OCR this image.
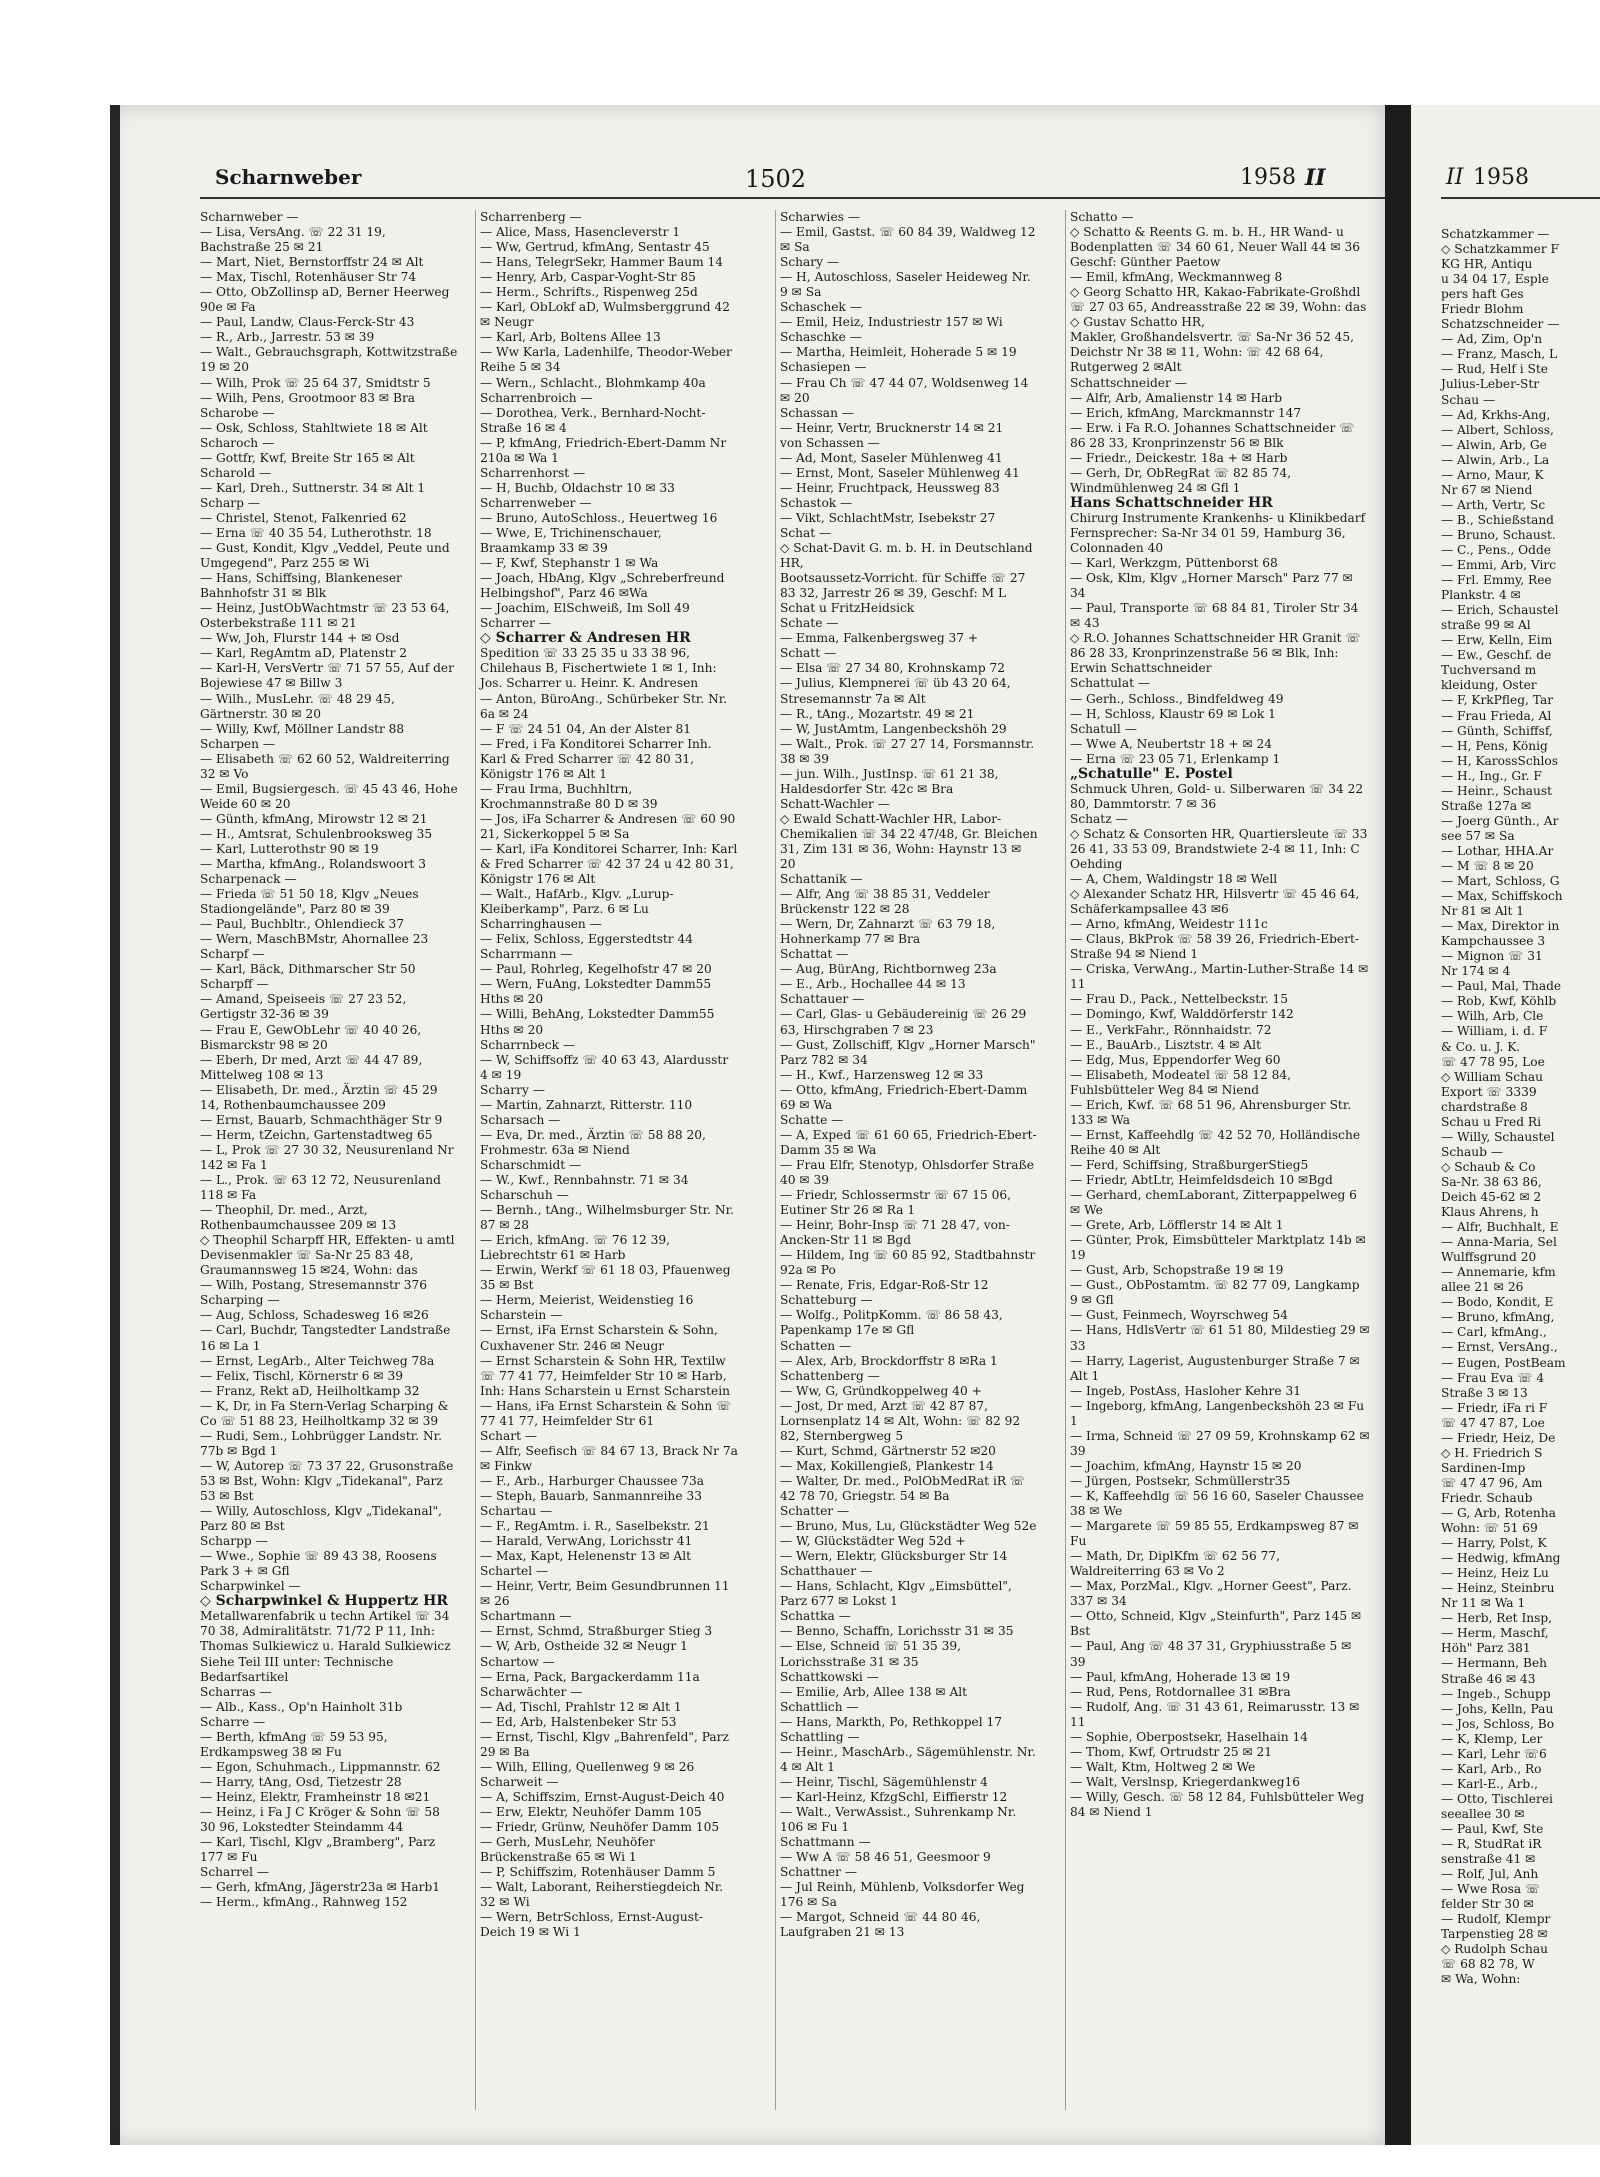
II 1958

Schatzkammer —

◇ Schatzkammer F

KG HR, Antiqu

u 34 04 17, Esple

pers haft Ges

Friedr Blohm

Schatzschneider —

— Ad, Zim, Op'n

— Franz, Masch, L

— Rud, Helf i Ste

Julius-Leber-Str

Schau —

— Ad, Krkhs-Ang,

— Albert, Schloss,

— Alwin, Arb, Ge

— Alwin, Arb., La

— Arno, Maur, K

Nr 67 ✉ Niend

— Arth, Vertr, Sc

— B., Schießstand

— Bruno, Schaust.

— C., Pens., Odde

— Emmi, Arb, Virc

— Frl. Emmy, Ree

Plankstr. 4 ✉

— Erich, Schaustel

straße 99 ✉ Al

— Erw, Kelln, Eim

— Ew., Geschf. de

Tuchversand m

kleidung, Oster

— F, KrkPfleg, Tar

— Frau Frieda, Al

— Günth, Schiffsf,

— H, Pens, König

— H, KarossSchlos

— H., Ing., Gr. F

— Heinr., Schaust

Straße 127a ✉

— Joerg Günth., Ar

see 57 ✉ Sa

— Lothar, HHA.Ar

— M ☏ 8 ✉ 20

— Mart, Schloss, G

— Max, Schiffskoch

Nr 81 ✉ Alt 1

— Max, Direktor in

Kampchaussee 3

— Mignon ☏ 31

Nr 174 ✉ 4

— Paul, Mal, Thade

— Rob, Kwf, Köhlb

— Wilh, Arb, Cle

— William, i. d. F

& Co. u. J. K.

☏ 47 78 95, Loe

◇ William Schau

Export ☏ 3339

chardstraße 8

Schau u Fred Ri

— Willy, Schaustel

Schaub —

◇ Schaub & Co

Sa-Nr. 38 63 86,

Deich 45-62 ✉ 2

Klaus Ahrens, h

— Alfr, Buchhalt, E

— Anna-Maria, Sel

Wulffsgrund 20

— Annemarie, kfm

allee 21 ✉ 26

— Bodo, Kondit, E

— Bruno, kfmAng,

— Carl, kfmAng.,

— Ernst, VersAng.,

— Eugen, PostBeam

— Frau Eva ☏ 4

Straße 3 ✉ 13

— Friedr, iFa ri F

☏ 47 47 87, Loe

— Friedr, Heiz, De

◇ H. Friedrich S

Sardinen-Imp

☏ 47 47 96, Am

Friedr. Schaub

— G, Arb, Rotenha

Wohn: ☏ 51 69

— Harry, Polst, K

— Hedwig, kfmAng

— Heinz, Heiz Lu

— Heinz, Steinbru

Nr 11 ✉ Wa 1

— Herb, Ret Insp,

— Herm, Maschf,

Höh" Parz 381

— Hermann, Beh

Straße 46 ✉ 43

— Ingeb., Schupp

— Johs, Kelln, Pau

— Jos, Schloss, Bo

— K, Klemp, Ler

— Karl, Lehr ☏6

— Karl, Arb., Ro

— Karl-E., Arb.,

— Otto, Tischlerei

seeallee 30 ✉

— Paul, Kwf, Ste

— R, StudRat iR

senstraße 41 ✉

— Rolf, Jul, Anh

— Wwe Rosa ☏

felder Str 30 ✉

— Rudolf, Klempr

Tarpenstieg 28 ✉

◇ Rudolph Schau

☏ 68 82 78, W

✉ Wa, Wohn:

Scharnweber	1502	1958 II

Scharnweber —

— Lisa, VersAng. ☏ 22 31 19, Bachstraße 25 ✉ 21

— Mart, Niet, Bernstorffstr 24 ✉ Alt

— Max, Tischl, Rotenhäuser Str 74

— Otto, ObZollinsp aD, Berner Heerweg 90e ✉ Fa

— Paul, Landw, Claus-Ferck-Str 43

— R., Arb., Jarrestr. 53 ✉ 39

— Walt., Gebrauchsgraph, Kottwitzstraße 19 ✉ 20

— Wilh, Prok ☏ 25 64 37, Smidtstr 5

— Wilh, Pens, Grootmoor 83 ✉ Bra

Scharobe —

— Osk, Schloss, Stahltwiete 18 ✉ Alt

Scharoch —

— Gottfr, Kwf, Breite Str 165 ✉ Alt

Scharold —

— Karl, Dreh., Suttnerstr. 34 ✉ Alt 1

Scharp —

— Christel, Stenot, Falkenried 62

— Erna ☏ 40 35 54, Lutherothstr. 18

— Gust, Kondit, Klgv „Veddel, Peute und Umgegend", Parz 255 ✉ Wi

— Hans, Schiffsing, Blankeneser Bahnhofstr 31 ✉ Blk

— Heinz, JustObWachtmstr ☏ 23 53 64, Osterbekstraße 111 ✉ 21

— Ww, Joh, Flurstr 144 + ✉ Osd

— Karl, RegAmtm aD, Platenstr 2

— Karl-H, VersVertr ☏ 71 57 55, Auf der Bojewiese 47 ✉ Billw 3

— Wilh., MusLehr. ☏ 48 29 45, Gärtnerstr. 30 ✉ 20

— Willy, Kwf, Möllner Landstr 88

Scharpen —

— Elisabeth ☏ 62 60 52, Waldreiterring 32 ✉ Vo

— Emil, Bugsiergesch. ☏ 45 43 46, Hohe Weide 60 ✉ 20

— Günth, kfmAng, Mirowstr 12 ✉ 21

— H., Amtsrat, Schulenbrooksweg 35

— Karl, Lutterothstr 90 ✉ 19

— Martha, kfmAng., Rolandswoort 3

Scharpenack —

— Frieda ☏ 51 50 18, Klgv „Neues Stadiongelände", Parz 80 ✉ 39

— Paul, Buchbltr., Ohlendieck 37

— Wern, MaschBMstr, Ahornallee 23

Scharpf —

— Karl, Bäck, Dithmarscher Str 50

Scharpff —

— Amand, Speiseeis ☏ 27 23 52, Gertigstr 32-36 ✉ 39

— Frau E, GewObLehr ☏ 40 40 26, Bismarckstr 98 ✉ 20

— Eberh, Dr med, Arzt ☏ 44 47 89, Mittelweg 108 ✉ 13

— Elisabeth, Dr. med., Ärztin ☏ 45 29 14, Rothenbaumchaussee 209

— Ernst, Bauarb, Schmachthäger Str 9

— Herm, tZeichn, Gartenstadtweg 65

— L, Prok ☏ 27 30 32, Neusurenland Nr 142 ✉ Fa 1

— L., Prok. ☏ 63 12 72, Neusurenland 118 ✉ Fa

— Theophil, Dr. med., Arzt, Rothenbaumchaussee 209 ✉ 13

◇ Theophil Scharpff HR, Effekten- u amtl Devisenmakler ☏ Sa-Nr 25 83 48, Graumannsweg 15 ✉24, Wohn: das

— Wilh, Postang, Stresemannstr 376

Scharping —

— Aug, Schloss, Schadesweg 16 ✉26

— Carl, Buchdr, Tangstedter Landstraße 16 ✉ La 1

— Ernst, LegArb., Alter Teichweg 78a

— Felix, Tischl, Körnerstr 6 ✉ 39

— Franz, Rekt aD, Heilholtkamp 32

— K, Dr, in Fa Stern-Verlag Scharping & Co ☏ 51 88 23, Heilholtkamp 32 ✉ 39

— Rudi, Sem., Lohbrügger Landstr. Nr. 77b ✉ Bgd 1

— W, Autorep ☏ 73 37 22, Grusonstraße 53 ✉ Bst, Wohn: Klgv „Tidekanal", Parz 53 ✉ Bst

— Willy, Autoschloss, Klgv „Tidekanal", Parz 80 ✉ Bst

Scharpp —

— Wwe., Sophie ☏ 89 43 38, Roosens Park 3 + ✉ Gfl

Scharpwinkel —

◇ Scharpwinkel & Huppertz HR

Metallwarenfabrik u techn Artikel ☏ 34 70 38, Admiralitätstr. 71/72 P 11, Inh: Thomas Sulkiewicz u. Harald Sulkiewicz

Siehe Teil III unter: Technische Bedarfsartikel

Scharras —

— Alb., Kass., Op'n Hainholt 31b

Scharre —

— Berth, kfmAng ☏ 59 53 95, Erdkampsweg 38 ✉ Fu

— Egon, Schuhmach., Lippmannstr. 62

— Harry, tAng, Osd, Tietzestr 28

— Heinz, Elektr, Framheinstr 18 ✉21

— Heinz, i Fa J C Kröger & Sohn ☏ 58 30 96, Lokstedter Steindamm 44

— Karl, Tischl, Klgv „Bramberg", Parz 177 ✉ Fu

Scharrel —

— Gerh, kfmAng, Jägerstr23a ✉ Harb1

— Herm., kfmAng., Rahnweg 152

Scharrenberg —

— Alice, Mass, Hasencleverstr 1

— Ww, Gertrud, kfmAng, Sentastr 45

— Hans, TelegrSekr, Hammer Baum 14

— Henry, Arb, Caspar-Voght-Str 85

— Herm., Schrifts., Rispenweg 25d

— Karl, ObLokf aD, Wulmsberggrund 42 ✉ Neugr

— Karl, Arb, Boltens Allee 13

— Ww Karla, Ladenhilfe, Theodor-Weber Reihe 5 ✉ 34

— Wern., Schlacht., Blohmkamp 40a

Scharrenbroich —

— Dorothea, Verk., Bernhard-Nocht-Straße 16 ✉ 4

— P, kfmAng, Friedrich-Ebert-Damm Nr 210a ✉ Wa 1

Scharrenhorst —

— H, Buchb, Oldachstr 10 ✉ 33

Scharrenweber —

— Bruno, AutoSchloss., Heuertweg 16

— Wwe, E, Trichinenschauer, Braamkamp 33 ✉ 39

— F, Kwf, Stephanstr 1 ✉ Wa

— Joach, HbAng, Klgv „Schreberfreund Helbingshof", Parz 46 ✉Wa

— Joachim, ElSchweiß, Im Soll 49

Scharrer —

◇ Scharrer & Andresen HR

Spedition ☏ 33 25 35 u 33 38 96, Chilehaus B, Fischertwiete 1 ✉ 1, Inh: Jos. Scharrer u. Heinr. K. Andresen

— Anton, BüroAng., Schürbeker Str. Nr. 6a ✉ 24

— F ☏ 24 51 04, An der Alster 81

— Fred, i Fa Konditorei Scharrer Inh. Karl & Fred Scharrer ☏ 42 80 31, Königstr 176 ✉ Alt 1

— Frau Irma, Buchhltrn, Krochmannstraße 80 D ✉ 39

— Jos, iFa Scharrer & Andresen ☏ 60 90 21, Sickerkoppel 5 ✉ Sa

— Karl, iFa Konditorei Scharrer, Inh: Karl & Fred Scharrer ☏ 42 37 24 u 42 80 31, Königstr 176 ✉ Alt

— Walt., HafArb., Klgv. „Lurup-Kleiberkamp", Parz. 6 ✉ Lu

Scharringhausen —

— Felix, Schloss, Eggerstedtstr 44

Scharrmann —

— Paul, Rohrleg, Kegelhofstr 47 ✉ 20

— Wern, FuAng, Lokstedter Damm55 Hths ✉ 20

— Willi, BehAng, Lokstedter Damm55 Hths ✉ 20

Scharrnbeck —

— W, Schiffsoffz ☏ 40 63 43, Alardusstr 4 ✉ 19

Scharry —

— Martin, Zahnarzt, Ritterstr. 110

Scharsach —

— Eva, Dr. med., Ärztin ☏ 58 88 20, Frohmestr. 63a ✉ Niend

Scharschmidt —

— W., Kwf., Rennbahnstr. 71 ✉ 34

Scharschuh —

— Bernh., tAng., Wilhelmsburger Str. Nr. 87 ✉ 28

— Erich, kfmAng. ☏ 76 12 39, Liebrechtstr 61 ✉ Harb

— Erwin, Werkf ☏ 61 18 03, Pfauenweg 35 ✉ Bst

— Herm, Meierist, Weidenstieg 16

Scharstein —

— Ernst, iFa Ernst Scharstein & Sohn, Cuxhavener Str. 246 ✉ Neugr

— Ernst Scharstein & Sohn HR, Textilw ☏ 77 41 77, Heimfelder Str 10 ✉ Harb, Inh: Hans Scharstein u Ernst Scharstein

— Hans, iFa Ernst Scharstein & Sohn ☏ 77 41 77, Heimfelder Str 61

Schart —

— Alfr, Seefisch ☏ 84 67 13, Brack Nr 7a ✉ Finkw

— F., Arb., Harburger Chaussee 73a

— Steph, Bauarb, Sanmannreihe 33

Schartau —

— F., RegAmtm. i. R., Saselbekstr. 21

— Harald, VerwAng, Lorichsstr 41

— Max, Kapt, Helenenstr 13 ✉ Alt

Schartel —

— Heinr, Vertr, Beim Gesundbrunnen 11 ✉ 26

Schartmann —

— Ernst, Schmd, Straßburger Stieg 3

— W, Arb, Ostheide 32 ✉ Neugr 1

Schartow —

— Erna, Pack, Bargackerdamm 11a

Scharwächter —

— Ad, Tischl, Prahlstr 12 ✉ Alt 1

— Ed, Arb, Halstenbeker Str 53

— Ernst, Tischl, Klgv „Bahrenfeld", Parz 29 ✉ Ba

— Wilh, Elling, Quellenweg 9 ✉ 26

Scharweit —

— A, Schiffszim, Ernst-August-Deich 40

— Erw, Elektr, Neuhöfer Damm 105

— Friedr, Grünw, Neuhöfer Damm 105

— Gerh, MusLehr, Neuhöfer Brückenstraße 65 ✉ Wi 1

— P, Schiffszim, Rotenhäuser Damm 5

— Walt, Laborant, Reiherstiegdeich Nr. 32 ✉ Wi

— Wern, BetrSchloss, Ernst-August-Deich 19 ✉ Wi 1

Scharwies —

— Emil, Gastst. ☏ 60 84 39, Waldweg 12 ✉ Sa

Schary —

— H, Autoschloss, Saseler Heideweg Nr. 9 ✉ Sa

Schaschek —

— Emil, Heiz, Industriestr 157 ✉ Wi

Schaschke —

— Martha, Heimleit, Hoherade 5 ✉ 19

Schasiepen —

— Frau Ch ☏ 47 44 07, Woldsenweg 14 ✉ 20

Schassan —

— Heinr, Vertr, Brucknerstr 14 ✉ 21

von Schassen —

— Ad, Mont, Saseler Mühlenweg 41

— Ernst, Mont, Saseler Mühlenweg 41

— Heinr, Fruchtpack, Heussweg 83

Schastok —

— Vikt, SchlachtMstr, Isebekstr 27

Schat —

◇ Schat-Davit G. m. b. H. in Deutschland HR,

Bootsaussetz-Vorricht. für Schiffe ☏ 27 83 32, Jarrestr 26 ✉ 39, Geschf: M L Schat u FritzHeidsick

Schate —

— Emma, Falkenbergsweg 37 +

Schatt —

— Elsa ☏ 27 34 80, Krohnskamp 72

— Julius, Klempnerei ☏ üb 43 20 64, Stresemannstr 7a ✉ Alt

— R., tAng., Mozartstr. 49 ✉ 21

— W, JustAmtm, Langenbeckshöh 29

— Walt., Prok. ☏ 27 27 14, Forsmannstr. 38 ✉ 39

— jun. Wilh., JustInsp. ☏ 61 21 38, Haldesdorfer Str. 42c ✉ Bra

Schatt-Wachler —

◇ Ewald Schatt-Wachler HR, Labor-Chemikalien ☏ 34 22 47/48, Gr. Bleichen 31, Zim 131 ✉ 36, Wohn: Haynstr 13 ✉ 20

Schattanik —

— Alfr, Ang ☏ 38 85 31, Veddeler Brückenstr 122 ✉ 28

— Wern, Dr, Zahnarzt ☏ 63 79 18, Hohnerkamp 77 ✉ Bra

Schattat —

— Aug, BürAng, Richtbornweg 23a

— E., Arb., Hochallee 44 ✉ 13

Schattauer —

— Carl, Glas- u Gebäudereinig ☏ 26 29 63, Hirschgraben 7 ✉ 23

— Gust, Zollschiff, Klgv „Horner Marsch" Parz 782 ✉ 34

— H., Kwf., Harzensweg 12 ✉ 33

— Otto, kfmAng, Friedrich-Ebert-Damm 69 ✉ Wa

Schatte —

— A, Exped ☏ 61 60 65, Friedrich-Ebert-Damm 35 ✉ Wa

— Frau Elfr, Stenotyp, Ohlsdorfer Straße 40 ✉ 39

— Friedr, Schlossermstr ☏ 67 15 06, Eutiner Str 26 ✉ Ra 1

— Heinr, Bohr-Insp ☏ 71 28 47, von-Ancken-Str 11 ✉ Bgd

— Hildem, Ing ☏ 60 85 92, Stadtbahnstr 92a ✉ Po

— Renate, Fris, Edgar-Roß-Str 12

Schatteburg —

— Wolfg., PolitpKomm. ☏ 86 58 43, Papenkamp 17e ✉ Gfl

Schatten —

— Alex, Arb, Brockdorffstr 8 ✉Ra 1

Schattenberg —

— Ww, G, Gründkoppelweg 40 +

— Jost, Dr med, Arzt ☏ 42 87 87, Lornsenplatz 14 ✉ Alt, Wohn: ☏ 82 92 82, Sternbergweg 5

— Kurt, Schmd, Gärtnerstr 52 ✉20

— Max, Kokillengieß, Plankestr 14

— Walter, Dr. med., PolObMedRat iR ☏ 42 78 70, Griegstr. 54 ✉ Ba

Schatter —

— Bruno, Mus, Lu, Glückstädter Weg 52e

— W, Glückstädter Weg 52d +

— Wern, Elektr, Glücksburger Str 14

Schatthauer —

— Hans, Schlacht, Klgv „Eimsbüttel", Parz 677 ✉ Lokst 1

Schattka —

— Benno, Schaffn, Lorichsstr 31 ✉ 35

— Else, Schneid ☏ 51 35 39, Lorichsstraße 31 ✉ 35

Schattkowski —

— Emilie, Arb, Allee 138 ✉ Alt

Schattlich —

— Hans, Markth, Po, Rethkoppel 17

Schattling —

— Heinr., MaschArb., Sägemühlenstr. Nr. 4 ✉ Alt 1

— Heinr, Tischl, Sägemühlenstr 4

— Karl-Heinz, KfzgSchl, Eiffierstr 12

— Walt., VerwAssist., Suhrenkamp Nr. 106 ✉ Fu 1

Schattmann —

— Ww A ☏ 58 46 51, Geesmoor 9

Schattner —

— Jul Reinh, Mühlenb, Volksdorfer Weg 176 ✉ Sa

— Margot, Schneid ☏ 44 80 46, Laufgraben 21 ✉ 13

Schatto —

◇ Schatto & Reents G. m. b. H., HR Wand- u Bodenplatten ☏ 34 60 61, Neuer Wall 44 ✉ 36 Geschf: Günther Paetow

— Emil, kfmAng, Weckmannweg 8

◇ Georg Schatto HR, Kakao-Fabrikate-Großhdl ☏ 27 03 65, Andreasstraße 22 ✉ 39, Wohn: das

◇ Gustav Schatto HR,

Makler, Großhandelsvertr. ☏ Sa-Nr 36 52 45, Deichstr Nr 38 ✉ 11, Wohn: ☏ 42 68 64, Rutgerweg 2 ✉Alt

Schattschneider —

— Alfr, Arb, Amalienstr 14 ✉ Harb

— Erich, kfmAng, Marckmannstr 147

— Erw. i Fa R.O. Johannes Schattschneider ☏ 86 28 33, Kronprinzenstr 56 ✉ Blk

— Friedr., Deickestr. 18a + ✉ Harb

— Gerh, Dr, ObRegRat ☏ 82 85 74, Windmühlenweg 24 ✉ Gfl 1

Hans Schattschneider HR

Chirurg Instrumente Krankenhs- u Klinikbedarf Fernsprecher: Sa-Nr 34 01 59, Hamburg 36, Colonnaden 40

— Karl, Werkzgm, Püttenborst 68

— Osk, Klm, Klgv „Horner Marsch" Parz 77 ✉ 34

— Paul, Transporte ☏ 68 84 81, Tiroler Str 34 ✉ 43

◇ R.O. Johannes Schattschneider HR Granit ☏ 86 28 33, Kronprinzenstraße 56 ✉ Blk, Inh: Erwin Schattschneider

Schattulat —

— Gerh., Schloss., Bindfeldweg 49

— H, Schloss, Klaustr 69 ✉ Lok 1

Schatull —

— Wwe A, Neubertstr 18 + ✉ 24

— Erna ☏ 23 05 71, Erlenkamp 1

„Schatulle" E. Postel

Schmuck Uhren, Gold- u. Silberwaren ☏ 34 22 80, Dammtorstr. 7 ✉ 36

Schatz —

◇ Schatz & Consorten HR, Quartiersleute ☏ 33 26 41, 33 53 09, Brandstwiete 2-4 ✉ 11, Inh: C Oehding

— A, Chem, Waldingstr 18 ✉ Well

◇ Alexander Schatz HR, Hilsvertr ☏ 45 46 64, Schäferkampsallee 43 ✉6

— Arno, kfmAng, Weidestr 111c

— Claus, BkProk ☏ 58 39 26, Friedrich-Ebert-Straße 94 ✉ Niend 1

— Criska, VerwAng., Martin-Luther-Straße 14 ✉ 11

— Frau D., Pack., Nettelbeckstr. 15

— Domingo, Kwf, Walddörferstr 142

— E., VerkFahr., Rönnhaidstr. 72

— E., BauArb., Lisztstr. 4 ✉ Alt

— Edg, Mus, Eppendorfer Weg 60

— Elisabeth, Modeatel ☏ 58 12 84, Fuhlsbütteler Weg 84 ✉ Niend

— Erich, Kwf. ☏ 68 51 96, Ahrensburger Str. 133 ✉ Wa

— Ernst, Kaffeehdlg ☏ 42 52 70, Holländische Reihe 40 ✉ Alt

— Ferd, Schiffsing, StraßburgerStieg5

— Friedr, AbtLtr, Heimfeldsdeich 10 ✉Bgd

— Gerhard, chemLaborant, Zitterpappelweg 6 ✉ We

— Grete, Arb, Löfflerstr 14 ✉ Alt 1

— Günter, Prok, Eimsbütteler Marktplatz 14b ✉ 19

— Gust, Arb, Schopstraße 19 ✉ 19

— Gust., ObPostamtm. ☏ 82 77 09, Langkamp 9 ✉ Gfl

— Gust, Feinmech, Woyrschweg 54

— Hans, HdlsVertr ☏ 61 51 80, Mildestieg 29 ✉ 33

— Harry, Lagerist, Augustenburger Straße 7 ✉ Alt 1

— Ingeb, PostAss, Hasloher Kehre 31

— Ingeborg, kfmAng, Langenbeckshöh 23 ✉ Fu 1

— Irma, Schneid ☏ 27 09 59, Krohnskamp 62 ✉ 39

— Joachim, kfmAng, Haynstr 15 ✉ 20

— Jürgen, Postsekr, Schmüllerstr35

— K, Kaffeehdlg ☏ 56 16 60, Saseler Chaussee 38 ✉ We

— Margarete ☏ 59 85 55, Erdkampsweg 87 ✉ Fu

— Math, Dr, DiplKfm ☏ 62 56 77, Waldreiterring 63 ✉ Vo 2

— Max, PorzMal., Klgv. „Horner Geest", Parz. 337 ✉ 34

— Otto, Schneid, Klgv „Steinfurth", Parz 145 ✉ Bst

— Paul, Ang ☏ 48 37 31, Gryphiusstraße 5 ✉ 39

— Paul, kfmAng, Hoherade 13 ✉ 19

— Rud, Pens, Rotdornallee 31 ✉Bra

— Rudolf, Ang. ☏ 31 43 61, Reimarusstr. 13 ✉ 11

— Sophie, Oberpostsekr, Haselhain 14

— Thom, Kwf, Ortrudstr 25 ✉ 21

— Walt, Ktm, Holtweg 2 ✉ We

— Walt, Verslnsp, Kriegerdankweg16

— Willy, Gesch. ☏ 58 12 84, Fuhlsbütteler Weg 84 ✉ Niend 1
